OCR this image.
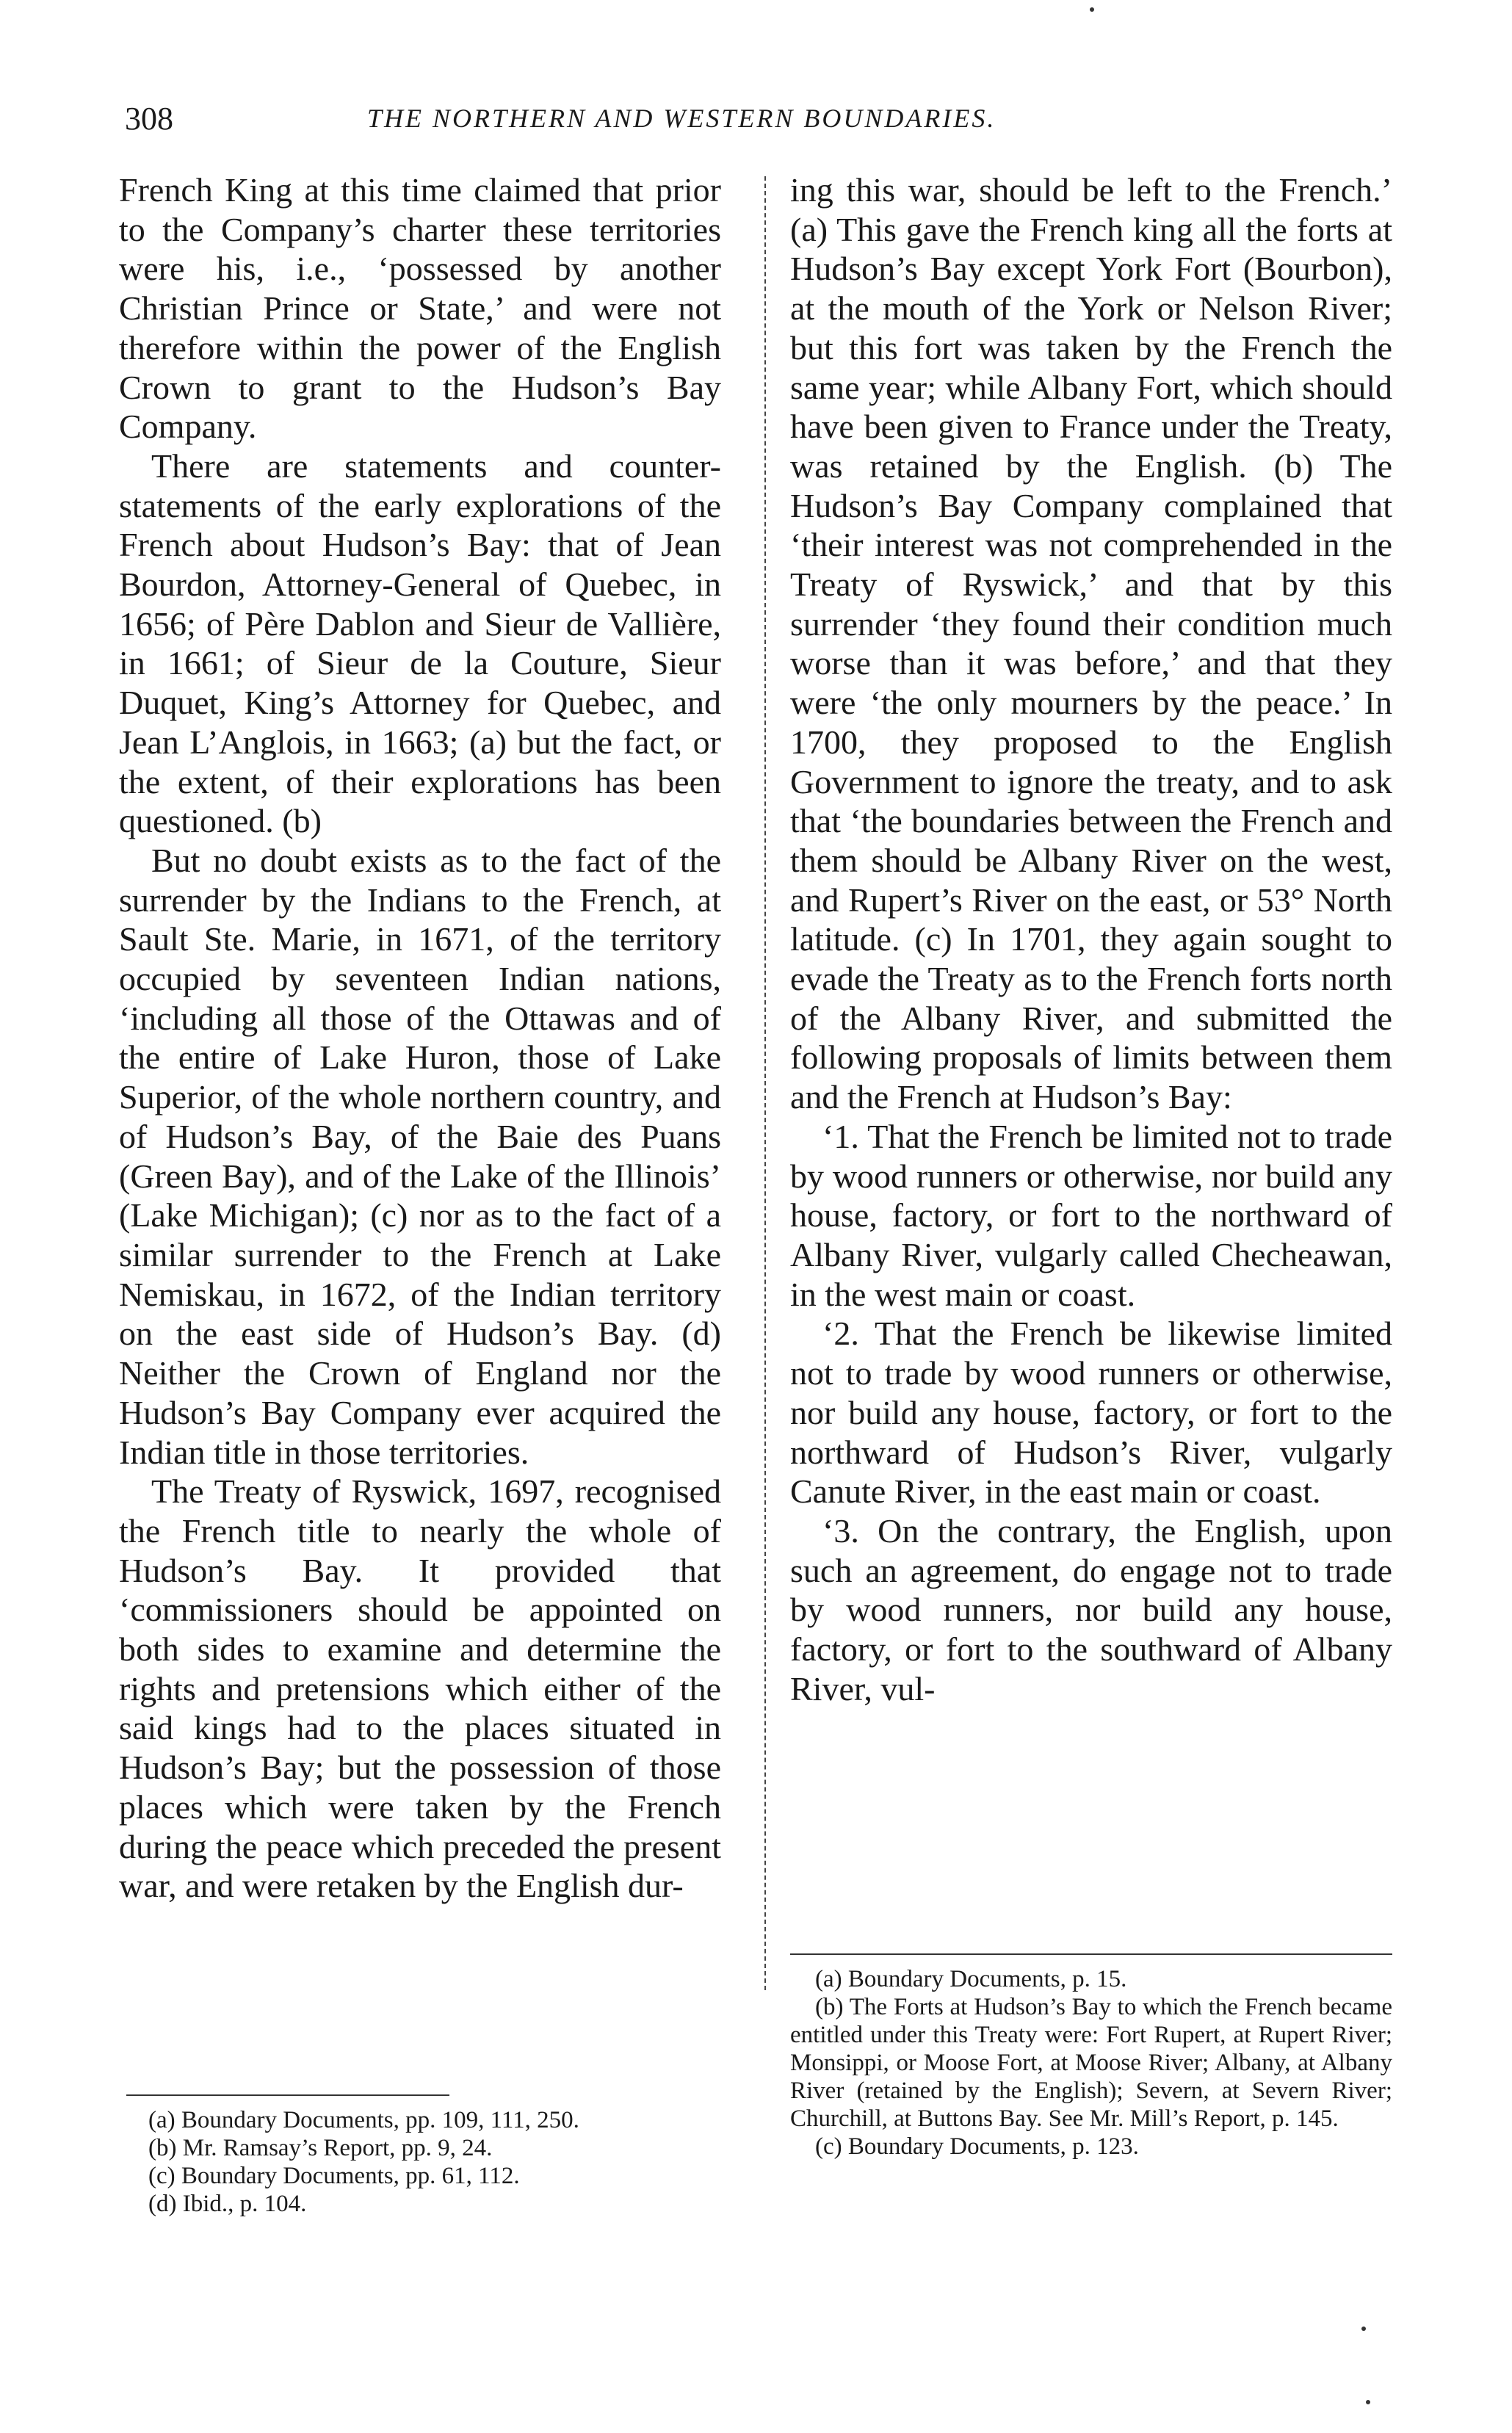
308	THE NORTHERN AND WESTERN BOUNDARIES.

French King at this time claimed that prior to the Company’s charter these territories were his, i.e., ‘possessed by another Christian Prince or State,’ and were not therefore within the power of the English Crown to grant to the Hudson’s Bay Company.

There are statements and counter-statements of the early explorations of the French about Hudson’s Bay: that of Jean Bourdon, Attorney-General of Quebec, in 1656; of Père Dablon and Sieur de Vallière, in 1661; of Sieur de la Couture, Sieur Duquet, King’s Attorney for Quebec, and Jean L’Anglois, in 1663; (a) but the fact, or the extent, of their explorations has been questioned. (b)

But no doubt exists as to the fact of the surrender by the Indians to the French, at Sault Ste. Marie, in 1671, of the territory occupied by seventeen Indian nations, ‘including all those of the Ottawas and of the entire of Lake Huron, those of Lake Superior, of the whole northern country, and of Hudson’s Bay, of the Baie des Puans (Green Bay), and of the Lake of the Illinois’ (Lake Michigan); (c) nor as to the fact of a similar surrender to the French at Lake Nemiskau, in 1672, of the Indian territory on the east side of Hudson’s Bay. (d) Neither the Crown of England nor the Hudson’s Bay Company ever acquired the Indian title in those territories.

The Treaty of Ryswick, 1697, recognised the French title to nearly the whole of Hudson’s Bay. It provided that ‘commissioners should be appointed on both sides to examine and determine the rights and pretensions which either of the said kings had to the places situated in Hudson’s Bay; but the possession of those places which were taken by the French during the peace which preceded the present war, and were retaken by the English dur-

ing this war, should be left to the French.’ (a) This gave the French king all the forts at Hudson’s Bay except York Fort (Bourbon), at the mouth of the York or Nelson River; but this fort was taken by the French the same year; while Albany Fort, which should have been given to France under the Treaty, was retained by the English. (b) The Hudson’s Bay Company complained that ‘their interest was not comprehended in the Treaty of Ryswick,’ and that by this surrender ‘they found their condition much worse than it was before,’ and that they were ‘the only mourners by the peace.’ In 1700, they proposed to the English Government to ignore the treaty, and to ask that ‘the boundaries between the French and them should be Albany River on the west, and Rupert’s River on the east, or 53° North latitude. (c) In 1701, they again sought to evade the Treaty as to the French forts north of the Albany River, and submitted the following proposals of limits between them and the French at Hudson’s Bay:

‘1. That the French be limited not to trade by wood runners or otherwise, nor build any house, factory, or fort to the northward of Albany River, vulgarly called Checheawan, in the west main or coast.

‘2. That the French be likewise limited not to trade by wood runners or otherwise, nor build any house, factory, or fort to the northward of Hudson’s River, vulgarly Canute River, in the east main or coast.

‘3. On the contrary, the English, upon such an agreement, do engage not to trade by wood runners, nor build any house, factory, or fort to the southward of Albany River, vul-

(a) Boundary Documents, pp. 109, 111, 250.

(b) Mr. Ramsay’s Report, pp. 9, 24.

(c) Boundary Documents, pp. 61, 112.

(d) Ibid., p. 104.

(a) Boundary Documents, p. 15.

(b) The Forts at Hudson’s Bay to which the French became entitled under this Treaty were: Fort Rupert, at Rupert River; Monsippi, or Moose Fort, at Moose River; Albany, at Albany River (retained by the English); Severn, at Severn River; Churchill, at Buttons Bay. See Mr. Mill’s Report, p. 145.

(c) Boundary Documents, p. 123.
